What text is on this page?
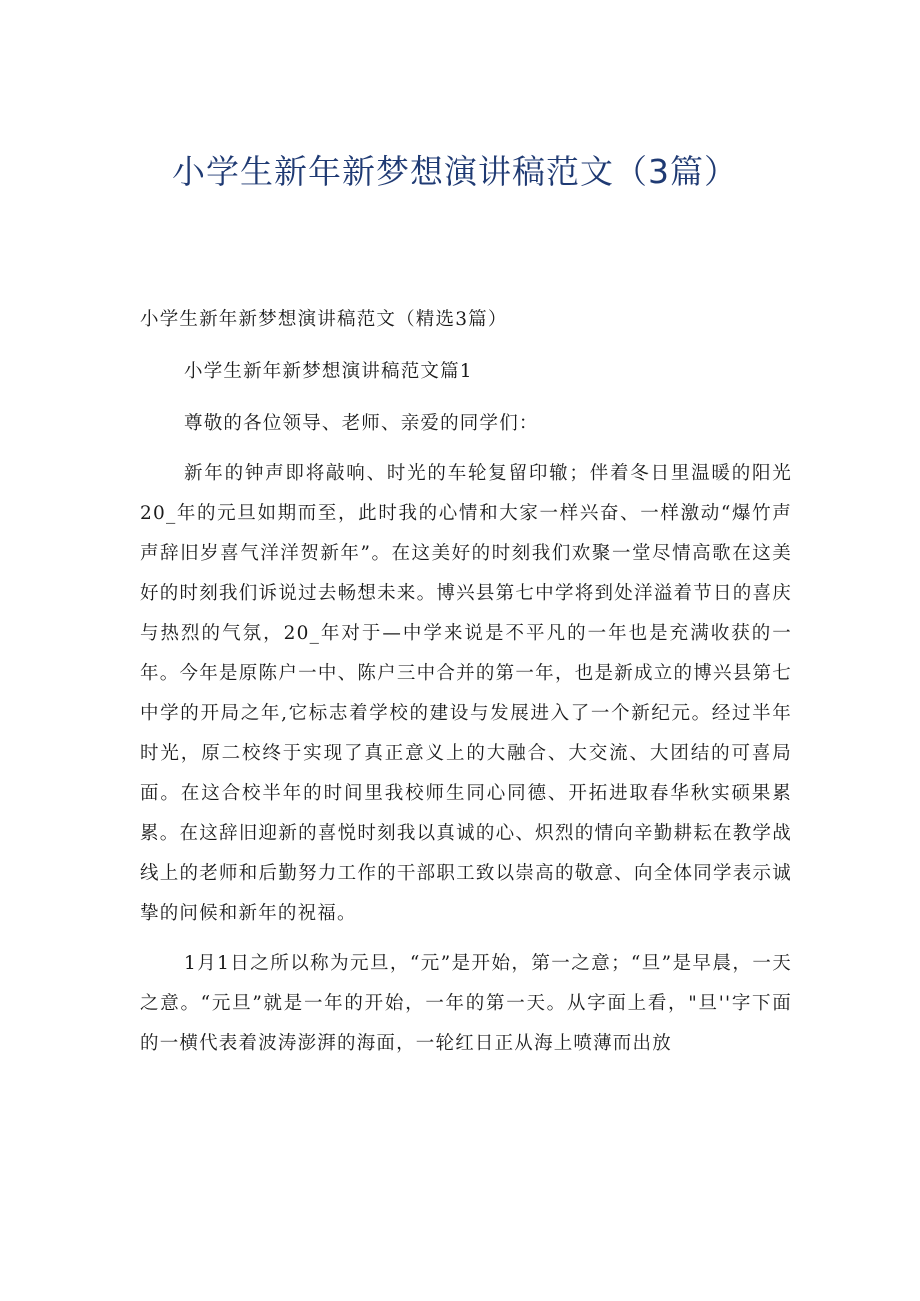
小学生新年新梦想演讲稿范文（3篇）

小学生新年新梦想演讲稿范文（精选3篇）

小学生新年新梦想演讲稿范文篇1

尊敬的各位领导、老师、亲爱的同学们：

新年的钟声即将敲响、时光的车轮复留印辙；伴着冬日里温暖的阳光20_年的元旦如期而至，此时我的心情和大家一样兴奋、一样激动“爆竹声声辞旧岁喜气洋洋贺新年”。在这美好的时刻我们欢聚一堂尽情高歌在这美好的时刻我们诉说过去畅想未来。博兴县第七中学将到处洋溢着节日的喜庆与热烈的气氛，20_年对于—中学来说是不平凡的一年也是充满收获的一年。今年是原陈户一中、陈户三中合并的第一年，也是新成立的博兴县第七中学的开局之年,它标志着学校的建设与发展进入了一个新纪元。经过半年时光，原二校终于实现了真正意义上的大融合、大交流、大团结的可喜局面。在这合校半年的时间里我校师生同心同德、开拓进取春华秋实硕果累累。在这辞旧迎新的喜悦时刻我以真诚的心、炽烈的情向辛勤耕耘在教学战线上的老师和后勤努力工作的干部职工致以崇高的敬意、向全体同学表示诚挚的问候和新年的祝福。

1月1日之所以称为元旦，“元”是开始，第一之意；“旦”是早晨，一天之意。“元旦”就是一年的开始，一年的第一天。从字面上看，"旦''字下面的一横代表着波涛澎湃的海面，一轮红日正从海上喷薄而出放
